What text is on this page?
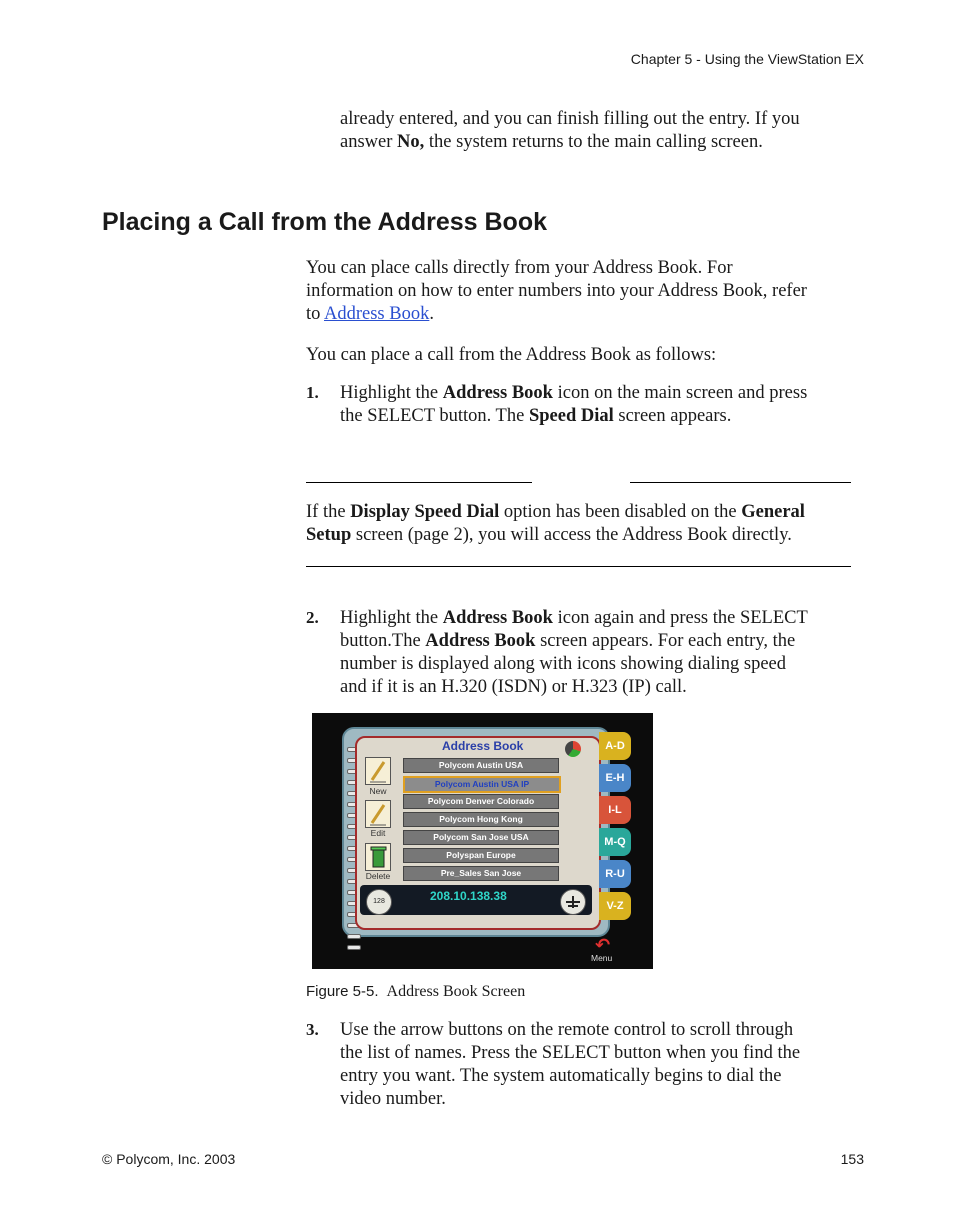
Chapter 5 - Using the ViewStation EX
already entered, and you can finish filling out the entry. If you
answer No, the system returns to the main calling screen.
Placing a Call from the Address Book
You can place calls directly from your Address Book. For
information on how to enter numbers into your Address Book, refer
to Address Book.
You can place a call from the Address Book as follows:
1. Highlight the Address Book icon on the main screen and press
the SELECT button. The Speed Dial screen appears.
If the Display Speed Dial option has been disabled on the General
Setup screen (page 2), you will access the Address Book directly.
2. Highlight the Address Book icon again and press the SELECT
button.The Address Book screen appears. For each entry, the
number is displayed along with icons showing dialing speed
and if it is an H.320 (ISDN) or H.323 (IP) call.
Address Book
Polycom Austin USA
Polycom Austin USA IP
Polycom Denver Colorado
Polycom Hong Kong
Polycom San Jose USA
Polyspan Europe
Pre_Sales San Jose
New
Edit
Delete
128	208.10.138.38
A-D
E-H
I-L
M-Q
R-U
V-Z
↶
Menu
Figure 5-5. Address Book Screen
3. Use the arrow buttons on the remote control to scroll through
the list of names. Press the SELECT button when you find the
entry you want. The system automatically begins to dial the
video number.
© Polycom, Inc. 2003	153
